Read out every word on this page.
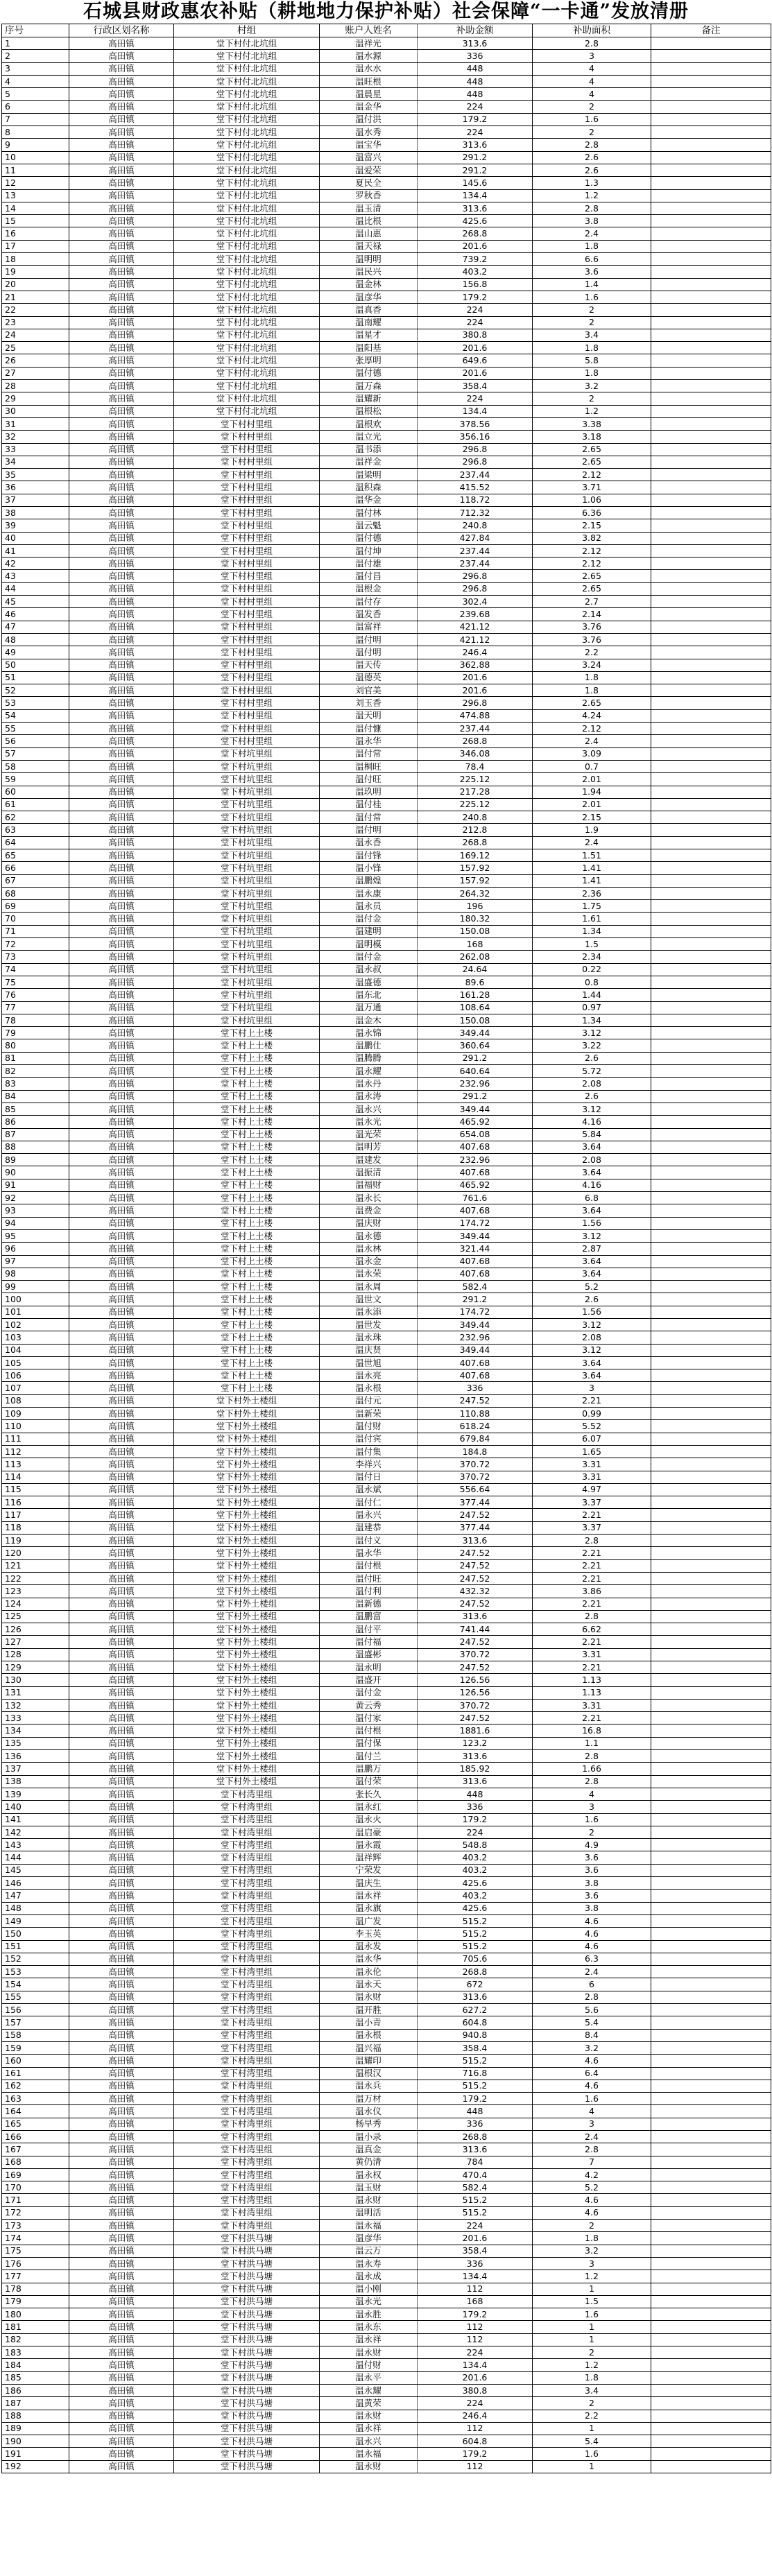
石城县财政惠农补贴（耕地地力保护补贴）社会保障“一卡通”发放清册
序号	行政区划名称	村组	账户人姓名	补助金额	补助面积	备注
1	高田镇	堂下村付北坑组	温祥光	313.6	2.8	
2	高田镇	堂下村付北坑组	温水源	336	3	
3	高田镇	堂下村付北坑组	温水水	448	4	
4	高田镇	堂下村付北坑组	温旺根	448	4	
5	高田镇	堂下村付北坑组	温晨星	448	4	
6	高田镇	堂下村付北坑组	温金华	224	2	
7	高田镇	堂下村付北坑组	温付洪	179.2	1.6	
8	高田镇	堂下村付北坑组	温水秀	224	2	
9	高田镇	堂下村付北坑组	温宝华	313.6	2.8	
10	高田镇	堂下村付北坑组	温富兴	291.2	2.6	
11	高田镇	堂下村付北坑组	温爱荣	291.2	2.6	
12	高田镇	堂下村付北坑组	夏民全	145.6	1.3	
13	高田镇	堂下村付北坑组	罗秋香	134.4	1.2	
14	高田镇	堂下村付北坑组	温玉清	313.6	2.8	
15	高田镇	堂下村付北坑组	温比根	425.6	3.8	
16	高田镇	堂下村付北坑组	温山惠	268.8	2.4	
17	高田镇	堂下村付北坑组	温天禄	201.6	1.8	
18	高田镇	堂下村付北坑组	温明明	739.2	6.6	
19	高田镇	堂下村付北坑组	温民兴	403.2	3.6	
20	高田镇	堂下村付北坑组	温金林	156.8	1.4	
21	高田镇	堂下村付北坑组	温彦华	179.2	1.6	
22	高田镇	堂下村付北坑组	温真香	224	2	
23	高田镇	堂下村付北坑组	温南耀	224	2	
24	高田镇	堂下村付北坑组	温星才	380.8	3.4	
25	高田镇	堂下村付北坑组	温阳基	201.6	1.8	
26	高田镇	堂下村付北坑组	张厚明	649.6	5.8	
27	高田镇	堂下村付北坑组	温付德	201.6	1.8	
28	高田镇	堂下村付北坑组	温万森	358.4	3.2	
29	高田镇	堂下村付北坑组	温耀新	224	2	
30	高田镇	堂下村付北坑组	温根松	134.4	1.2	
31	高田镇	堂下村村里组	温根欢	378.56	3.38	
32	高田镇	堂下村村里组	温立光	356.16	3.18	
33	高田镇	堂下村村里组	温书添	296.8	2.65	
34	高田镇	堂下村村里组	温祥金	296.8	2.65	
35	高田镇	堂下村村里组	温梁明	237.44	2.12	
36	高田镇	堂下村村里组	温积森	415.52	3.71	
37	高田镇	堂下村村里组	温华金	118.72	1.06	
38	高田镇	堂下村村里组	温付林	712.32	6.36	
39	高田镇	堂下村村里组	温云魁	240.8	2.15	
40	高田镇	堂下村村里组	温付德	427.84	3.82	
41	高田镇	堂下村村里组	温付坤	237.44	2.12	
42	高田镇	堂下村村里组	温付雄	237.44	2.12	
43	高田镇	堂下村村里组	温付昌	296.8	2.65	
44	高田镇	堂下村村里组	温根金	296.8	2.65	
45	高田镇	堂下村村里组	温付存	302.4	2.7	
46	高田镇	堂下村村里组	温发香	239.68	2.14	
47	高田镇	堂下村村里组	温富祥	421.12	3.76	
48	高田镇	堂下村村里组	温付明	421.12	3.76	
49	高田镇	堂下村村里组	温付明	246.4	2.2	
50	高田镇	堂下村村里组	温天传	362.88	3.24	
51	高田镇	堂下村村里组	温德英	201.6	1.8	
52	高田镇	堂下村村里组	刘官美	201.6	1.8	
53	高田镇	堂下村村里组	刘玉香	296.8	2.65	
54	高田镇	堂下村村里组	温天明	474.88	4.24	
55	高田镇	堂下村村里组	温付慷	237.44	2.12	
56	高田镇	堂下村村里组	温永华	268.8	2.4	
57	高田镇	堂下村坑里组	温付常	346.08	3.09	
58	高田镇	堂下村坑里组	温桐旺	78.4	0.7	
59	高田镇	堂下村坑里组	温付旺	225.12	2.01	
60	高田镇	堂下村坑里组	温玖明	217.28	1.94	
61	高田镇	堂下村坑里组	温付桂	225.12	2.01	
62	高田镇	堂下村坑里组	温付常	240.8	2.15	
63	高田镇	堂下村坑里组	温付明	212.8	1.9	
64	高田镇	堂下村坑里组	温永香	268.8	2.4	
65	高田镇	堂下村坑里组	温付锋	169.12	1.51	
66	高田镇	堂下村坑里组	温小锋	157.92	1.41	
67	高田镇	堂下村坑里组	温鹏煌	157.92	1.41	
68	高田镇	堂下村坑里组	温永康	264.32	2.36	
69	高田镇	堂下村坑里组	温永员	196	1.75	
70	高田镇	堂下村坑里组	温付金	180.32	1.61	
71	高田镇	堂下村坑里组	温建明	150.08	1.34	
72	高田镇	堂下村坑里组	温明模	168	1.5	
73	高田镇	堂下村坑里组	温付金	262.08	2.34	
74	高田镇	堂下村坑里组	温永叔	24.64	0.22	
75	高田镇	堂下村坑里组	温盛德	89.6	0.8	
76	高田镇	堂下村坑里组	温东北	161.28	1.44	
77	高田镇	堂下村坑里组	温万通	108.64	0.97	
78	高田镇	堂下村坑里组	温金木	150.08	1.34	
79	高田镇	堂下村上土楼	温永锦	349.44	3.12	
80	高田镇	堂下村上土楼	温鹏仕	360.64	3.22	
81	高田镇	堂下村上土楼	温腾腾	291.2	2.6	
82	高田镇	堂下村上土楼	温永耀	640.64	5.72	
83	高田镇	堂下村上土楼	温永丹	232.96	2.08	
84	高田镇	堂下村上土楼	温永涛	291.2	2.6	
85	高田镇	堂下村上土楼	温永兴	349.44	3.12	
86	高田镇	堂下村上土楼	温永光	465.92	4.16	
87	高田镇	堂下村上土楼	温光荣	654.08	5.84	
88	高田镇	堂下村上土楼	温明芳	407.68	3.64	
89	高田镇	堂下村上土楼	温建发	232.96	2.08	
90	高田镇	堂下村上土楼	温振清	407.68	3.64	
91	高田镇	堂下村上土楼	温福财	465.92	4.16	
92	高田镇	堂下村上土楼	温永长	761.6	6.8	
93	高田镇	堂下村上土楼	温费金	407.68	3.64	
94	高田镇	堂下村上土楼	温庆财	174.72	1.56	
95	高田镇	堂下村上土楼	温永德	349.44	3.12	
96	高田镇	堂下村上土楼	温永林	321.44	2.87	
97	高田镇	堂下村上土楼	温永金	407.68	3.64	
98	高田镇	堂下村上土楼	温永荣	407.68	3.64	
99	高田镇	堂下村上土楼	温永周	582.4	5.2	
100	高田镇	堂下村上土楼	温世文	291.2	2.6	
101	高田镇	堂下村上土楼	温永添	174.72	1.56	
102	高田镇	堂下村上土楼	温世发	349.44	3.12	
103	高田镇	堂下村上土楼	温永珠	232.96	2.08	
104	高田镇	堂下村上土楼	温庆贤	349.44	3.12	
105	高田镇	堂下村上土楼	温世旭	407.68	3.64	
106	高田镇	堂下村上土楼	温永亮	407.68	3.64	
107	高田镇	堂下村上土楼	温永根	336	3	
108	高田镇	堂下村外土楼组	温付元	247.52	2.21	
109	高田镇	堂下村外土楼组	温新荣	110.88	0.99	
110	高田镇	堂下村外土楼组	温付财	618.24	5.52	
111	高田镇	堂下村外土楼组	温付宾	679.84	6.07	
112	高田镇	堂下村外土楼组	温付集	184.8	1.65	
113	高田镇	堂下村外土楼组	李祥兴	370.72	3.31	
114	高田镇	堂下村外土楼组	温付日	370.72	3.31	
115	高田镇	堂下村外土楼组	温永斌	556.64	4.97	
116	高田镇	堂下村外土楼组	温付仁	377.44	3.37	
117	高田镇	堂下村外土楼组	温永兴	247.52	2.21	
118	高田镇	堂下村外土楼组	温建恭	377.44	3.37	
119	高田镇	堂下村外土楼组	温付义	313.6	2.8	
120	高田镇	堂下村外土楼组	温永华	247.52	2.21	
121	高田镇	堂下村外土楼组	温付根	247.52	2.21	
122	高田镇	堂下村外土楼组	温付旺	247.52	2.21	
123	高田镇	堂下村外土楼组	温付利	432.32	3.86	
124	高田镇	堂下村外土楼组	温新德	247.52	2.21	
125	高田镇	堂下村外土楼组	温鹏富	313.6	2.8	
126	高田镇	堂下村外土楼组	温付平	741.44	6.62	
127	高田镇	堂下村外土楼组	温付福	247.52	2.21	
128	高田镇	堂下村外土楼组	温盛彬	370.72	3.31	
129	高田镇	堂下村外土楼组	温永明	247.52	2.21	
130	高田镇	堂下村外土楼组	温盛开	126.56	1.13	
131	高田镇	堂下村外土楼组	温付金	126.56	1.13	
132	高田镇	堂下村外土楼组	黄云秀	370.72	3.31	
133	高田镇	堂下村外土楼组	温付家	247.52	2.21	
134	高田镇	堂下村外土楼组	温付根	1881.6	16.8	
135	高田镇	堂下村外土楼组	温付保	123.2	1.1	
136	高田镇	堂下村外土楼组	温付兰	313.6	2.8	
137	高田镇	堂下村外土楼组	温鹏万	185.92	1.66	
138	高田镇	堂下村外土楼组	温付荣	313.6	2.8	
139	高田镇	堂下村湾里组	张长久	448	4	
140	高田镇	堂下村湾里组	温永红	336	3	
141	高田镇	堂下村湾里组	温永火	179.2	1.6	
142	高田镇	堂下村湾里组	温启豪	224	2	
143	高田镇	堂下村湾里组	温永霞	548.8	4.9	
144	高田镇	堂下村湾里组	温祥辉	403.2	3.6	
145	高田镇	堂下村湾里组	宁荣发	403.2	3.6	
146	高田镇	堂下村湾里组	温庆生	425.6	3.8	
147	高田镇	堂下村湾里组	温永祥	403.2	3.6	
148	高田镇	堂下村湾里组	温永旗	425.6	3.8	
149	高田镇	堂下村湾里组	温广发	515.2	4.6	
150	高田镇	堂下村湾里组	李玉英	515.2	4.6	
151	高田镇	堂下村湾里组	温永发	515.2	4.6	
152	高田镇	堂下村湾里组	温永华	705.6	6.3	
153	高田镇	堂下村湾里组	温永伦	268.8	2.4	
154	高田镇	堂下村湾里组	温永天	672	6	
155	高田镇	堂下村湾里组	温永财	313.6	2.8	
156	高田镇	堂下村湾里组	温开胜	627.2	5.6	
157	高田镇	堂下村湾里组	温小青	604.8	5.4	
158	高田镇	堂下村湾里组	温永根	940.8	8.4	
159	高田镇	堂下村湾里组	温兴福	358.4	3.2	
160	高田镇	堂下村湾里组	温耀印	515.2	4.6	
161	高田镇	堂下村湾里组	温根汉	716.8	6.4	
162	高田镇	堂下村湾里组	温永兵	515.2	4.6	
163	高田镇	堂下村湾里组	温万材	179.2	1.6	
164	高田镇	堂下村湾里组	温永仪	448	4	
165	高田镇	堂下村湾里组	杨早秀	336	3	
166	高田镇	堂下村湾里组	温小录	268.8	2.4	
167	高田镇	堂下村湾里组	温真金	313.6	2.8	
168	高田镇	堂下村湾里组	黄仍清	784	7	
169	高田镇	堂下村湾里组	温永权	470.4	4.2	
170	高田镇	堂下村湾里组	温玉财	582.4	5.2	
171	高田镇	堂下村湾里组	温永财	515.2	4.6	
172	高田镇	堂下村湾里组	温明活	515.2	4.6	
173	高田镇	堂下村湾里组	温永福	224	2	
174	高田镇	堂下村洪马塘	温彦华	201.6	1.8	
175	高田镇	堂下村洪马塘	温云万	358.4	3.2	
176	高田镇	堂下村洪马塘	温永寿	336	3	
177	高田镇	堂下村洪马塘	温永成	134.4	1.2	
178	高田镇	堂下村洪马塘	温小刚	112	1	
179	高田镇	堂下村洪马塘	温永光	168	1.5	
180	高田镇	堂下村洪马塘	温永胜	179.2	1.6	
181	高田镇	堂下村洪马塘	温永东	112	1	
182	高田镇	堂下村洪马塘	温永祥	112	1	
183	高田镇	堂下村洪马塘	温永财	224	2	
184	高田镇	堂下村洪马塘	温付财	134.4	1.2	
185	高田镇	堂下村洪马塘	温永平	201.6	1.8	
186	高田镇	堂下村洪马塘	温永耀	380.8	3.4	
187	高田镇	堂下村洪马塘	温黄荣	224	2	
188	高田镇	堂下村洪马塘	温永财	246.4	2.2	
189	高田镇	堂下村洪马塘	温永祥	112	1	
190	高田镇	堂下村洪马塘	温永兴	604.8	5.4	
191	高田镇	堂下村洪马塘	温永福	179.2	1.6	
192	高田镇	堂下村洪马塘	温永财	112	1	
